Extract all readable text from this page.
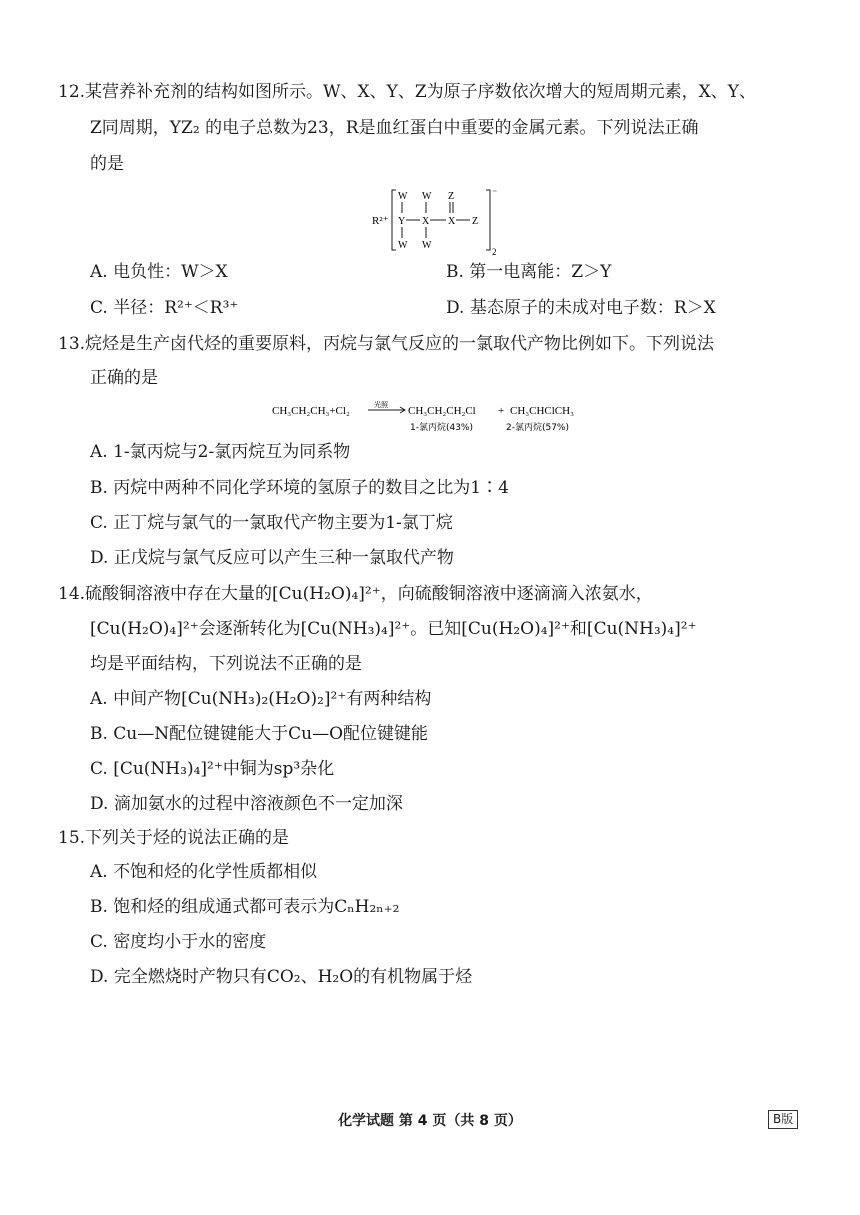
12.某营养补充剂的结构如图所示。W、X、Y、Z为原子序数依次增大的短周期元素，X、Y、
Z同周期，YZ₂ 的电子总数为23，R是血红蛋白中重要的金属元素。下列说法正确
的是
R²⁺
⁻
2
W W Z
Y X X Z
W W
A. 电负性：W＞X	B. 第一电离能：Z＞Y
C. 半径：R²⁺＜R³⁺	D. 基态原子的未成对电子数：R＞X
13.烷烃是生产卤代烃的重要原料，丙烷与氯气反应的一氯取代产物比例如下。下列说法
正确的是
CH₃CH₂CH₃+Cl₂	光照 CH₃CH₂CH₂Cl + CH₃CHClCH₃
1-氯丙烷(43%)	2-氯丙烷(57%)
A. 1-氯丙烷与2-氯丙烷互为同系物
B. 丙烷中两种不同化学环境的氢原子的数目之比为1∶4
C. 正丁烷与氯气的一氯取代产物主要为1-氯丁烷
D. 正戊烷与氯气反应可以产生三种一氯取代产物
14.硫酸铜溶液中存在大量的[Cu(H₂O)₄]²⁺，向硫酸铜溶液中逐滴滴入浓氨水，
[Cu(H₂O)₄]²⁺会逐渐转化为[Cu(NH₃)₄]²⁺。已知[Cu(H₂O)₄]²⁺和[Cu(NH₃)₄]²⁺
均是平面结构，下列说法不正确的是
A. 中间产物[Cu(NH₃)₂(H₂O)₂]²⁺有两种结构
B. Cu—N配位键键能大于Cu—O配位键键能
C. [Cu(NH₃)₄]²⁺中铜为sp³杂化
D. 滴加氨水的过程中溶液颜色不一定加深
15.下列关于烃的说法正确的是
A. 不饱和烃的化学性质都相似
B. 饱和烃的组成通式都可表示为CₙH₂ₙ₊₂
C. 密度均小于水的密度
D. 完全燃烧时产物只有CO₂、H₂O的有机物属于烃
化学试题 第 4 页（共 8 页）	B版
